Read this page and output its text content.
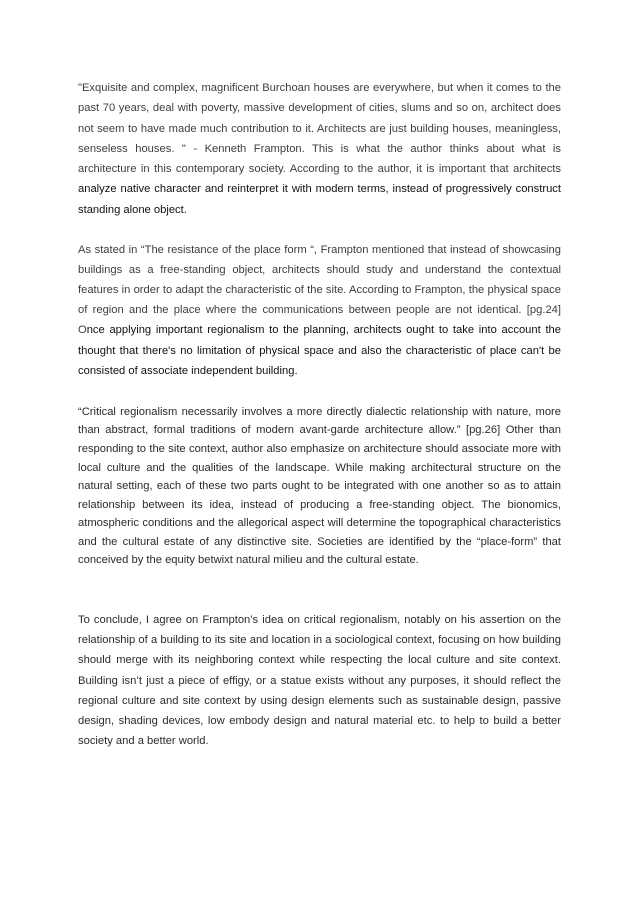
"Exquisite and complex, magnificent Burchoan houses are everywhere, but when it comes to the past 70 years, deal with poverty, massive development of cities, slums and so on, architect does not seem to have made much contribution to it. Architects are just building houses, meaningless, senseless houses. " - Kenneth Frampton. This is what the author thinks about what is architecture in this contemporary society. According to the author, it is important that architects analyze native character and reinterpret it with modern terms, instead of progressively construct standing alone object.

As stated in “The resistance of the place form “, Frampton mentioned that instead of showcasing buildings as a free-standing object, architects should study and understand the contextual features in order to adapt the characteristic of the site. According to Frampton, the physical space of region and the place where the communications between people are not identical. [pg.24] Once applying important regionalism to the planning, architects ought to take into account the thought that there's no limitation of physical space and also the characteristic of place can't be consisted of associate independent building.

“Critical regionalism necessarily involves a more directly dialectic relationship with nature, more than abstract, formal traditions of modern avant-garde architecture allow.” [pg.26] Other than responding to the site context, author also emphasize on architecture should associate more with local culture and the qualities of the landscape. While making architectural structure on the natural setting, each of these two parts ought to be integrated with one another so as to attain relationship between its idea, instead of producing a free-standing object. The bionomics, atmospheric conditions and the allegorical aspect will determine the topographical characteristics and the cultural estate of any distinctive site. Societies are identified by the “place-form” that conceived by the equity betwixt natural milieu and the cultural estate.

To conclude, I agree on Frampton’s idea on critical regionalism, notably on his assertion on the relationship of a building to its site and location in a sociological context, focusing on how building should merge with its neighboring context while respecting the local culture and site context. Building isn’t just a piece of effigy, or a statue exists without any purposes, it should reflect the regional culture and site context by using design elements such as sustainable design, passive design, shading devices, low embody design and natural material etc. to help to build a better society and a better world.
